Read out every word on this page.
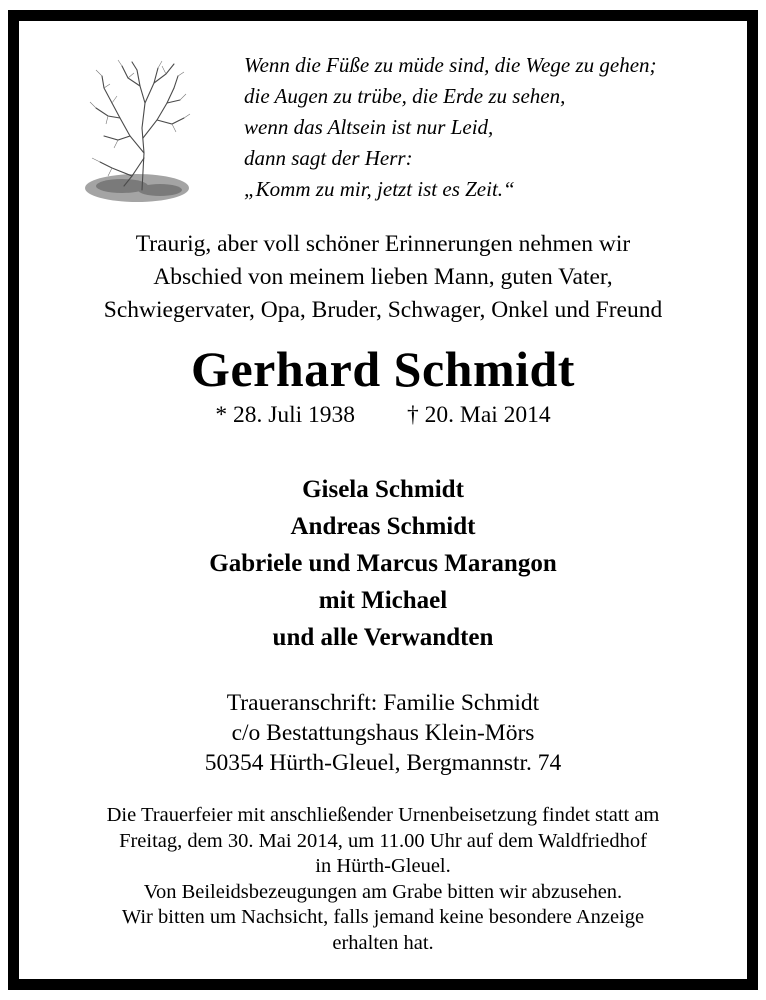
Wenn die Füße zu müde sind, die Wege zu gehen;
die Augen zu trübe, die Erde zu sehen,
wenn das Altsein ist nur Leid,
dann sagt der Herr:
„Komm zu mir, jetzt ist es Zeit.“
Traurig, aber voll schöner Erinnerungen nehmen wir
Abschied von meinem lieben Mann, guten Vater,
Schwiegervater, Opa, Bruder, Schwager, Onkel und Freund
Gerhard Schmidt
* 28. Juli 1938 † 20. Mai 2014
Gisela Schmidt
Andreas Schmidt
Gabriele und Marcus Marangon
mit Michael
und alle Verwandten
Traueranschrift: Familie Schmidt
c/o Bestattungshaus Klein-Mörs
50354 Hürth-Gleuel, Bergmannstr. 74
Die Trauerfeier mit anschließender Urnenbeisetzung findet statt am
Freitag, dem 30. Mai 2014, um 11.00 Uhr auf dem Waldfriedhof
in Hürth-Gleuel.
Von Beileidsbezeugungen am Grabe bitten wir abzusehen.
Wir bitten um Nachsicht, falls jemand keine besondere Anzeige
erhalten hat.
